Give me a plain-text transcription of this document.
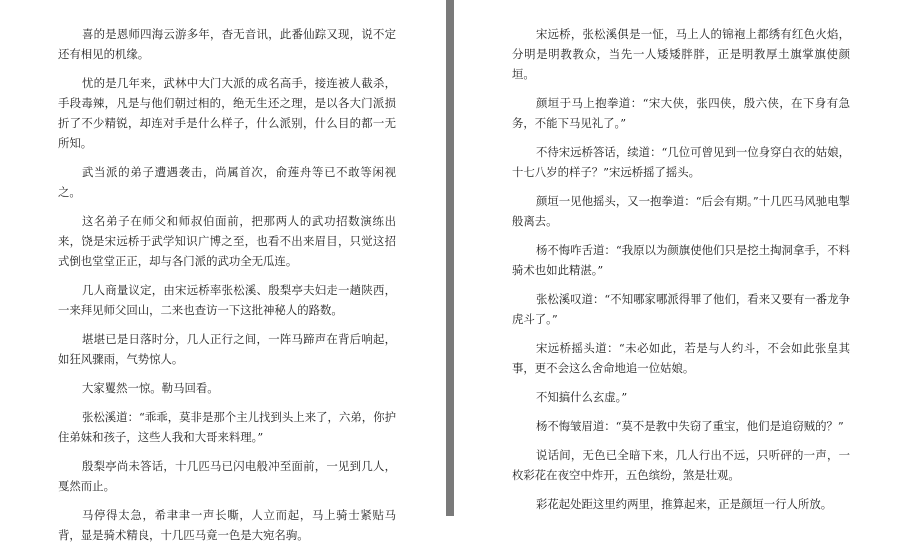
喜的是恩师四海云游多年，杳无音讯，此番仙踪又现，说不定还有相见的机缘。

忧的是几年来，武林中大门大派的成名高手，接连被人截杀，手段毒辣，凡是与他们朝过相的，绝无生还之理，是以各大门派损折了不少精锐，却连对手是什么样子，什么派别，什么目的都一无所知。

武当派的弟子遭遇袭击，尚属首次，俞莲舟等已不敢等闲视之。

这名弟子在师父和师叔伯面前，把那两人的武功招数演练出来，饶是宋远桥于武学知识广博之至，也看不出来眉目，只觉这招式倒也堂堂正正，却与各门派的武功全无瓜连。

几人商量议定，由宋远桥率张松溪、殷梨亭夫妇走一趟陕西，一来拜见师父回山，二来也查访一下这批神秘人的路数。

堪堪已是日落时分，几人正行之间，一阵马蹄声在背后响起，如狂风骤雨，气势惊人。

大家矍然一惊。勒马回看。

张松溪道：“乖乖，莫非是那个主儿找到头上来了，六弟，你护住弟妹和孩子，这些人我和大哥来料理。”

殷梨亭尚未答话，十几匹马已闪电般冲至面前，一见到几人，戛然而止。

马停得太急，希聿聿一声长嘶，人立而起，马上骑士紧贴马背，显是骑术精良，十几匹马竟一色是大宛名驹。

宋远桥，张松溪俱是一怔，马上人的锦袍上都绣有红色火焰，分明是明教教众，当先一人矮矮胖胖，正是明教厚土旗掌旗使颜垣。

颜垣于马上抱拳道：“宋大侠，张四侠，殷六侠，在下身有急务，不能下马见礼了。”

不待宋远桥答话，续道：“几位可曾见到一位身穿白衣的姑娘，十七八岁的样子？”宋远桥摇了摇头。

颜垣一见他摇头，又一抱拳道：“后会有期。”十几匹马风驰电掣般离去。

杨不悔咋舌道：“我原以为颜旗使他们只是挖土掏洞拿手，不料骑术也如此精湛。”

张松溪叹道：“不知哪家哪派得罪了他们，看来又要有一番龙争虎斗了。”

宋远桥摇头道：“未必如此，若是与人约斗，不会如此张皇其事，更不会这么舍命地追一位姑娘。

不知搞什么玄虚。”

杨不悔皱眉道：“莫不是教中失窃了重宝，他们是追窃贼的？”

说话间，无色已全暗下来，几人行出不远，只听砰的一声，一枚彩花在夜空中炸开，五色缤纷，煞是壮观。

彩花起处距这里约两里，推算起来，正是颜垣一行人所放。
